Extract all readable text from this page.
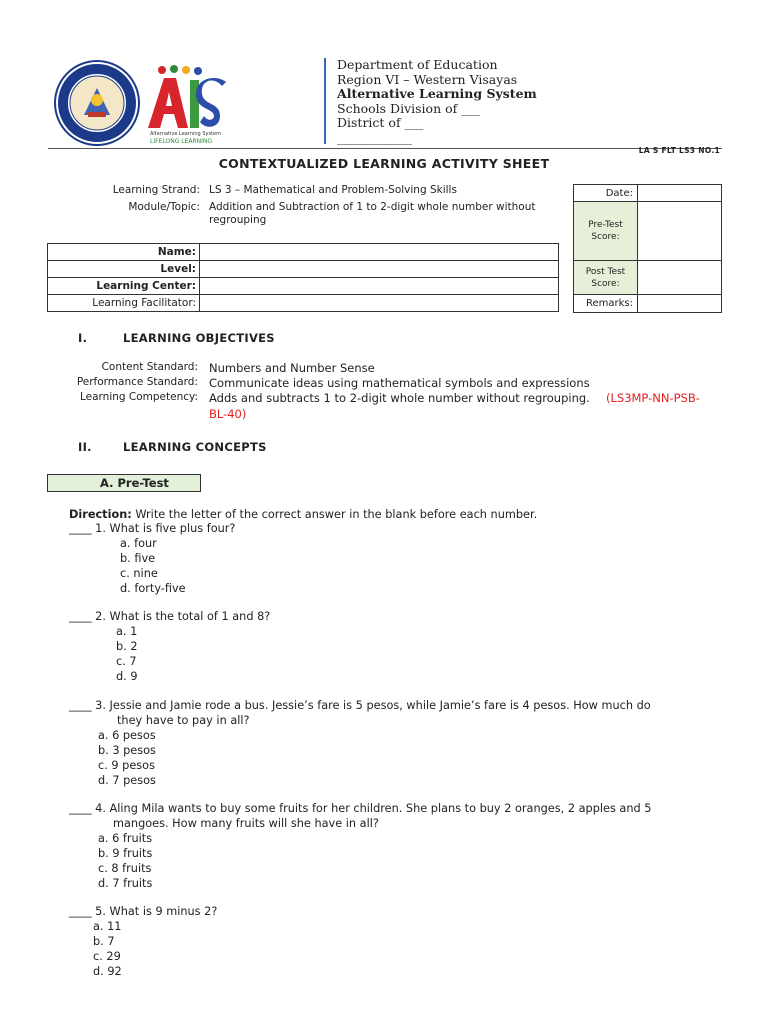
Alternative Learning System
LIFELONG LEARNING
Department of Education
Region VI – Western Visayas
Alternative Learning System
Schools Division of ___
District of ___
____________
LA S FLT LS3 NO.1
CONTEXTUALIZED LEARNING ACTIVITY SHEET
Learning Strand: LS 3 – Mathematical and Problem-Solving Skills
Module/Topic: Addition and Subtraction of 1 to 2-digit whole number without regrouping
Name:	
Level:	
Learning Center:	
Learning Facilitator:	
Date:	
Pre-Test Score:	
Post Test Score:	
Remarks:	
I.	LEARNING OBJECTIVES
Content Standard: Numbers and Number Sense
Performance Standard: Communicate ideas using mathematical symbols and expressions
Learning Competency: Adds and subtracts 1 to 2-digit whole number without regrouping. (LS3MP-NN-PSB-
BL-40)
II.	LEARNING CONCEPTS
A. Pre-Test
Direction: Write the letter of the correct answer in the blank before each number.
____ 1. What is five plus four?
a. four
b. five
c. nine
d. forty-five
____ 2. What is the total of 1 and 8?
a. 1
b. 2
c. 7
d. 9
____ 3. Jessie and Jamie rode a bus. Jessie’s fare is 5 pesos, while Jamie’s fare is 4 pesos. How much do
they have to pay in all?
a. 6 pesos
b. 3 pesos
c. 9 pesos
d. 7 pesos
____ 4. Aling Mila wants to buy some fruits for her children. She plans to buy 2 oranges, 2 apples and 5
mangoes. How many fruits will she have in all?
a. 6 fruits
b. 9 fruits
c. 8 fruits
d. 7 fruits
____ 5. What is 9 minus 2?
a. 11
b. 7
c. 29
d. 92
